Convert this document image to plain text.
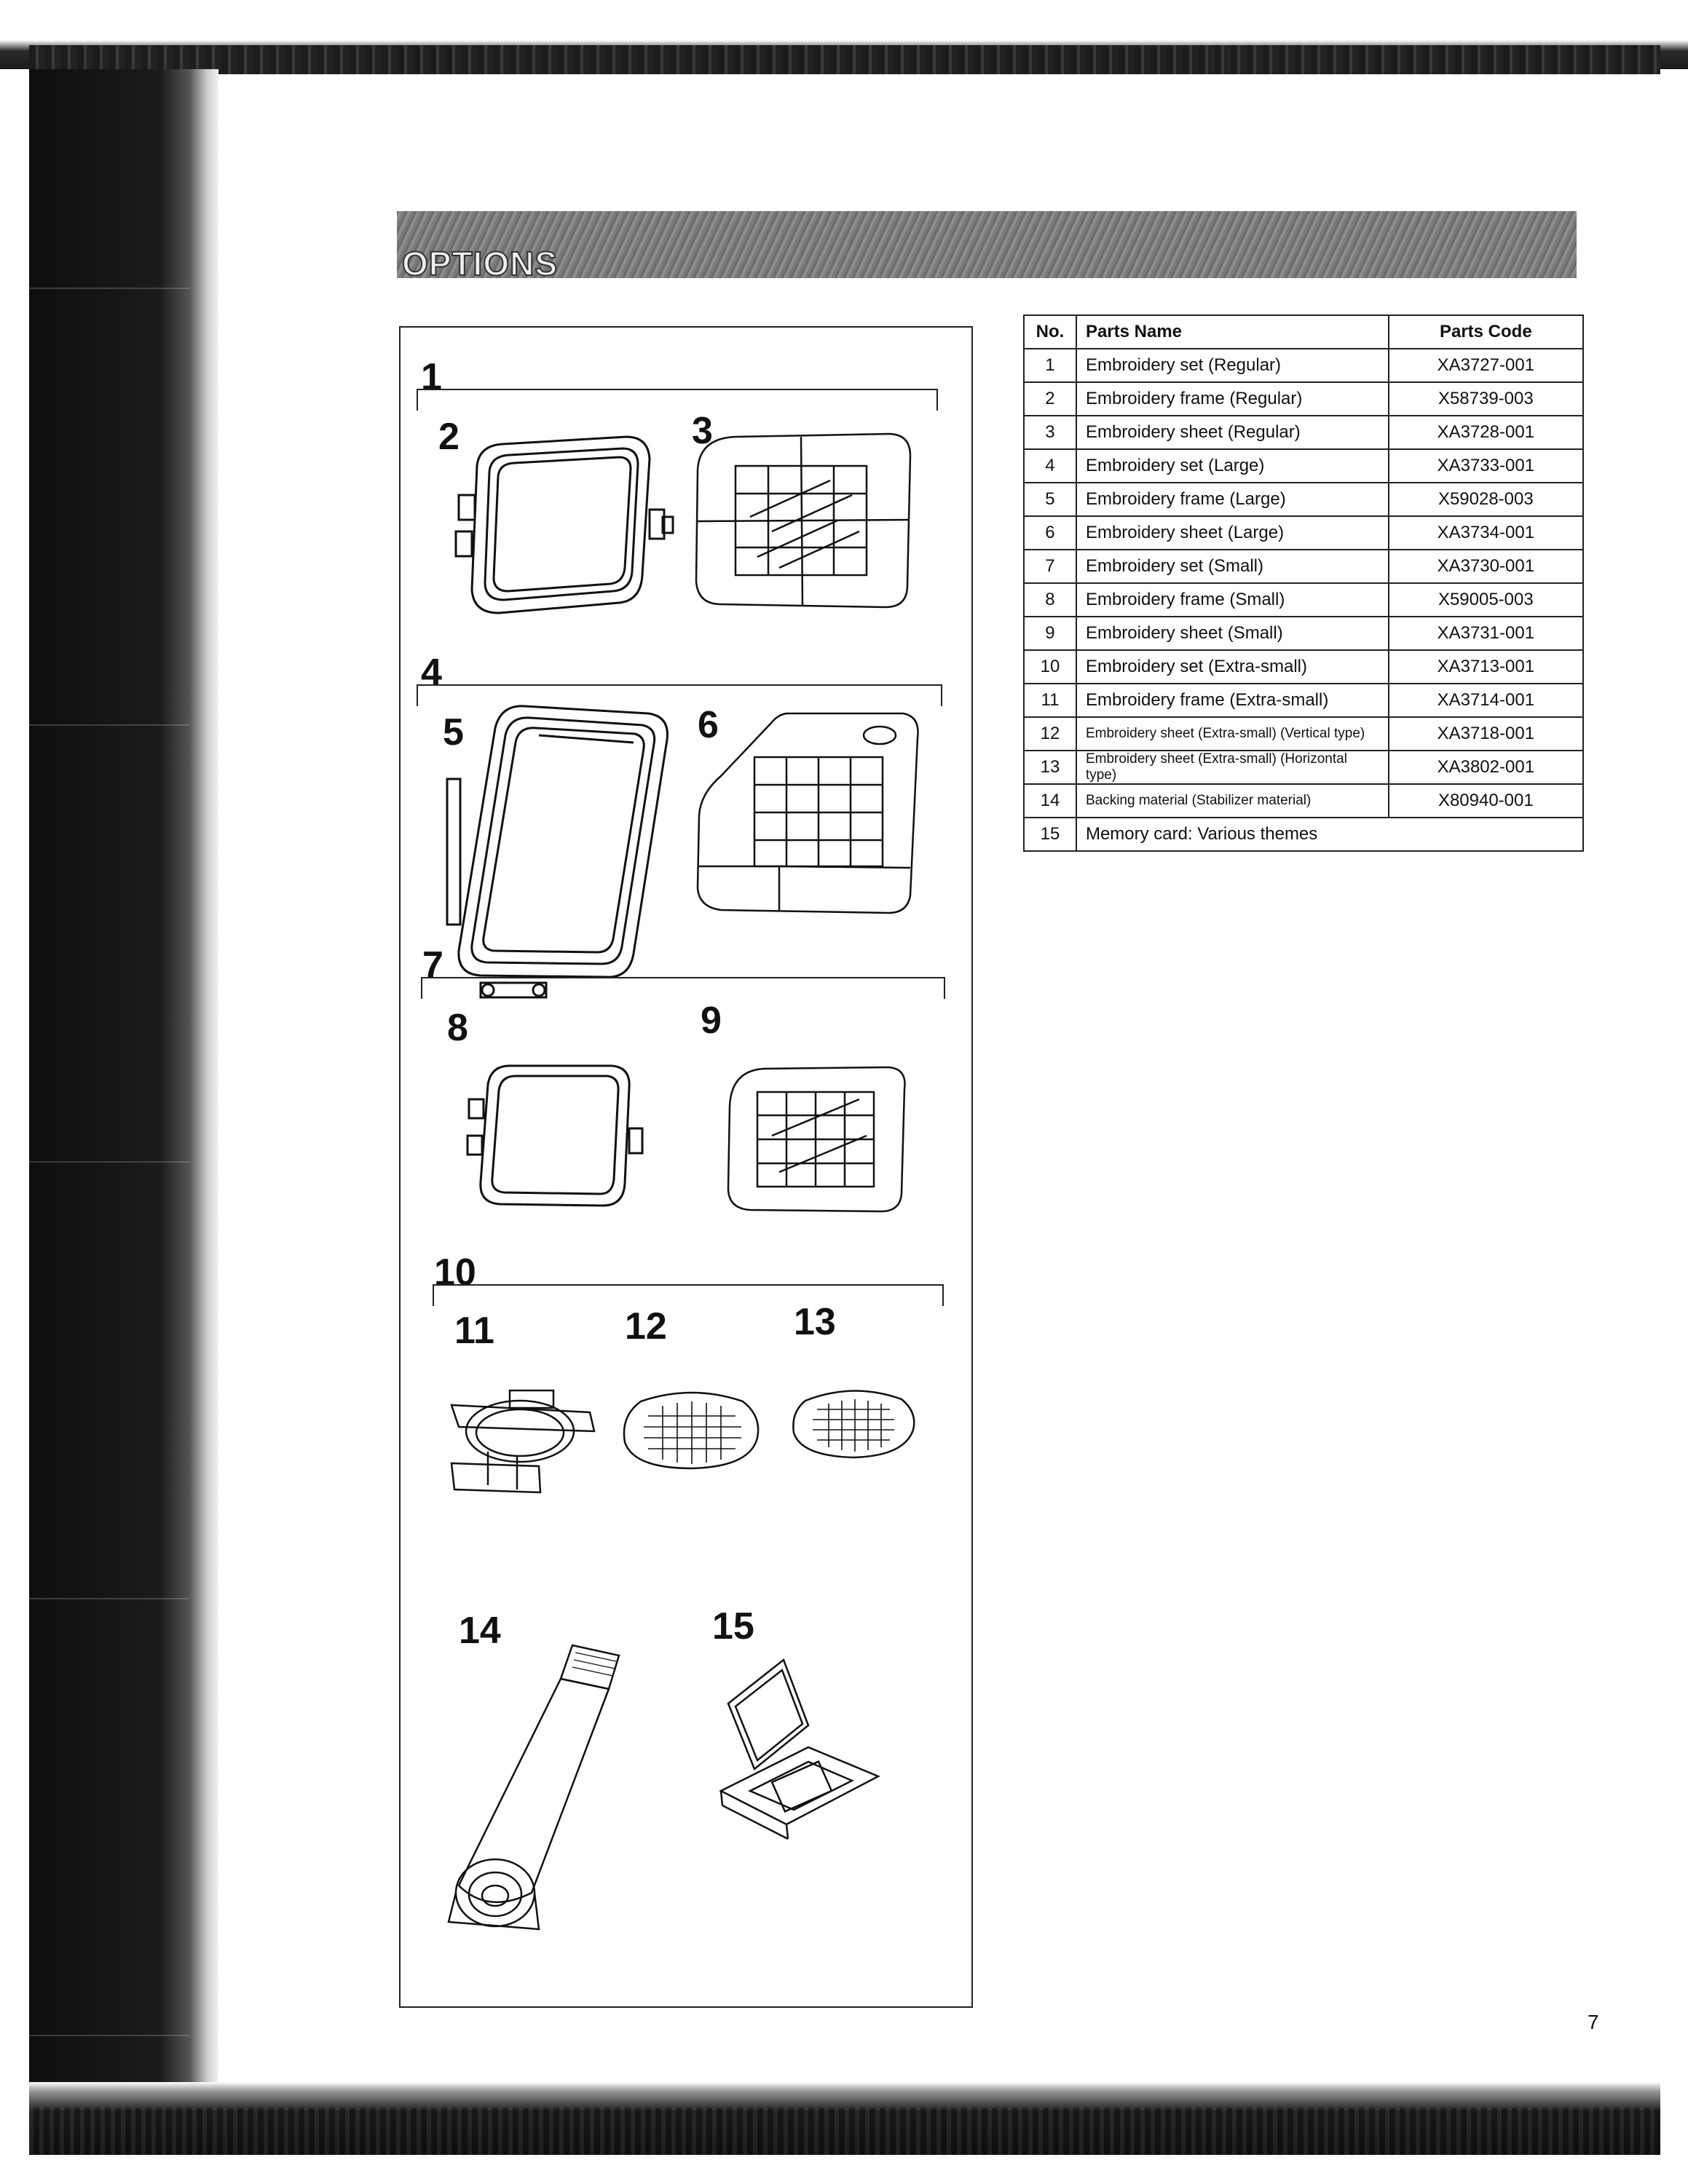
OPTIONS
1
2	3
4
5	6
7
8	9
10
11	12	13
14	15
No.	Parts Name	Parts Code
1	Embroidery set (Regular)	XA3727-001
2	Embroidery frame (Regular)	X58739-003
3	Embroidery sheet (Regular)	XA3728-001
4	Embroidery set (Large)	XA3733-001
5	Embroidery frame (Large)	X59028-003
6	Embroidery sheet (Large)	XA3734-001
7	Embroidery set (Small)	XA3730-001
8	Embroidery frame (Small)	X59005-003
9	Embroidery sheet (Small)	XA3731-001
10	Embroidery set (Extra-small)	XA3713-001
11	Embroidery frame (Extra-small)	XA3714-001
12	Embroidery sheet (Extra-small) (Vertical type)	XA3718-001
13	Embroidery sheet (Extra-small) (Horizontal type)	XA3802-001
14	Backing material (Stabilizer material)	X80940-001
15	Memory card: Various themes	
7
